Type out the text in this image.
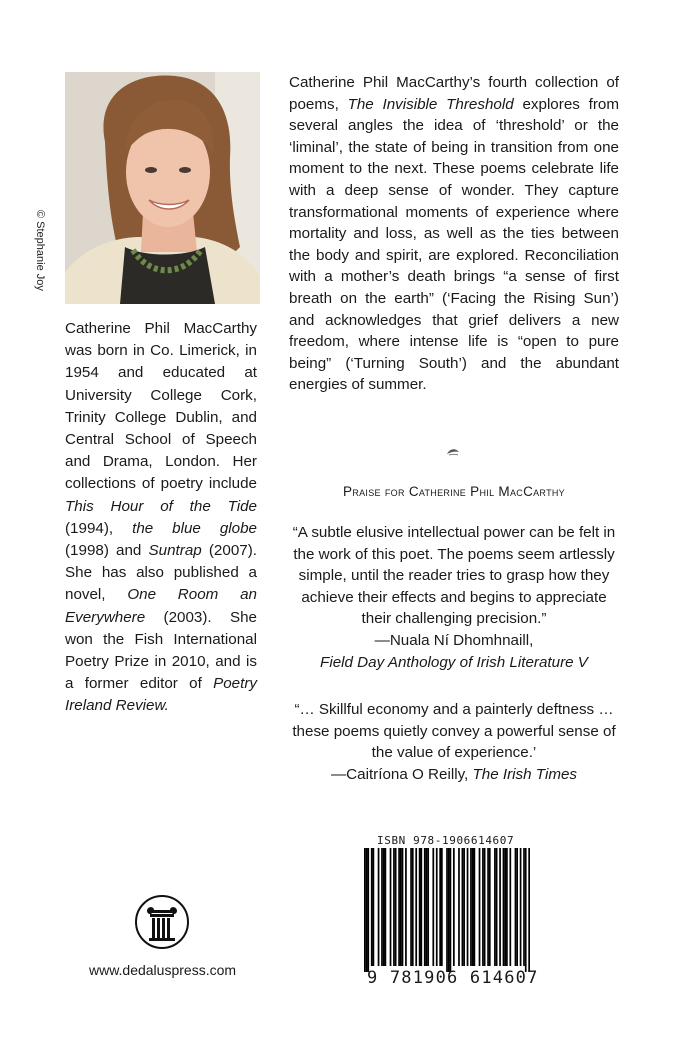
© Stephanie Joy
Catherine Phil MacCarthy was born in Co. Limerick, in 1954 and educated at University College Cork, Trinity College Dublin, and Central School of Speech and Drama, London. Her collections of poetry include This Hour of the Tide (1994), the blue globe (1998) and Suntrap (2007). She has also published a novel, One Room an Everywhere (2003). She won the Fish International Poetry Prize in 2010, and is a former editor of Poetry Ireland Review.
Catherine Phil MacCarthy’s fourth collection of poems, The Invisible Threshold explores from several angles the idea of ‘threshold’ or the ‘liminal’, the state of being in transition from one moment to the next. These poems celebrate life with a deep sense of wonder. They capture transformational moments of experience where mortality and loss, as well as the ties between the body and spirit, are explored. Reconciliation with a mother’s death brings “a sense of first breath on the earth” (‘Facing the Rising Sun’) and acknowledges that grief delivers a new freedom, where intense life is “open to pure being” (‘Turning South’) and the abundant energies of summer.
Praise for Catherine Phil MacCarthy
“A subtle elusive intellectual power can be felt in the work of this poet. The poems seem artlessly simple, until the reader tries to grasp how they achieve their effects and begins to appreciate their challenging precision.”
—Nuala Ní Dhomhnaill,
Field Day Anthology of Irish Literature V
“… Skillful economy and a painterly deftness … these poems quietly convey a powerful sense of the value of experience.’
—Caitríona O Reilly, The Irish Times
www.dedaluspress.com
ISBN 978-1906614607
9 781906 614607
